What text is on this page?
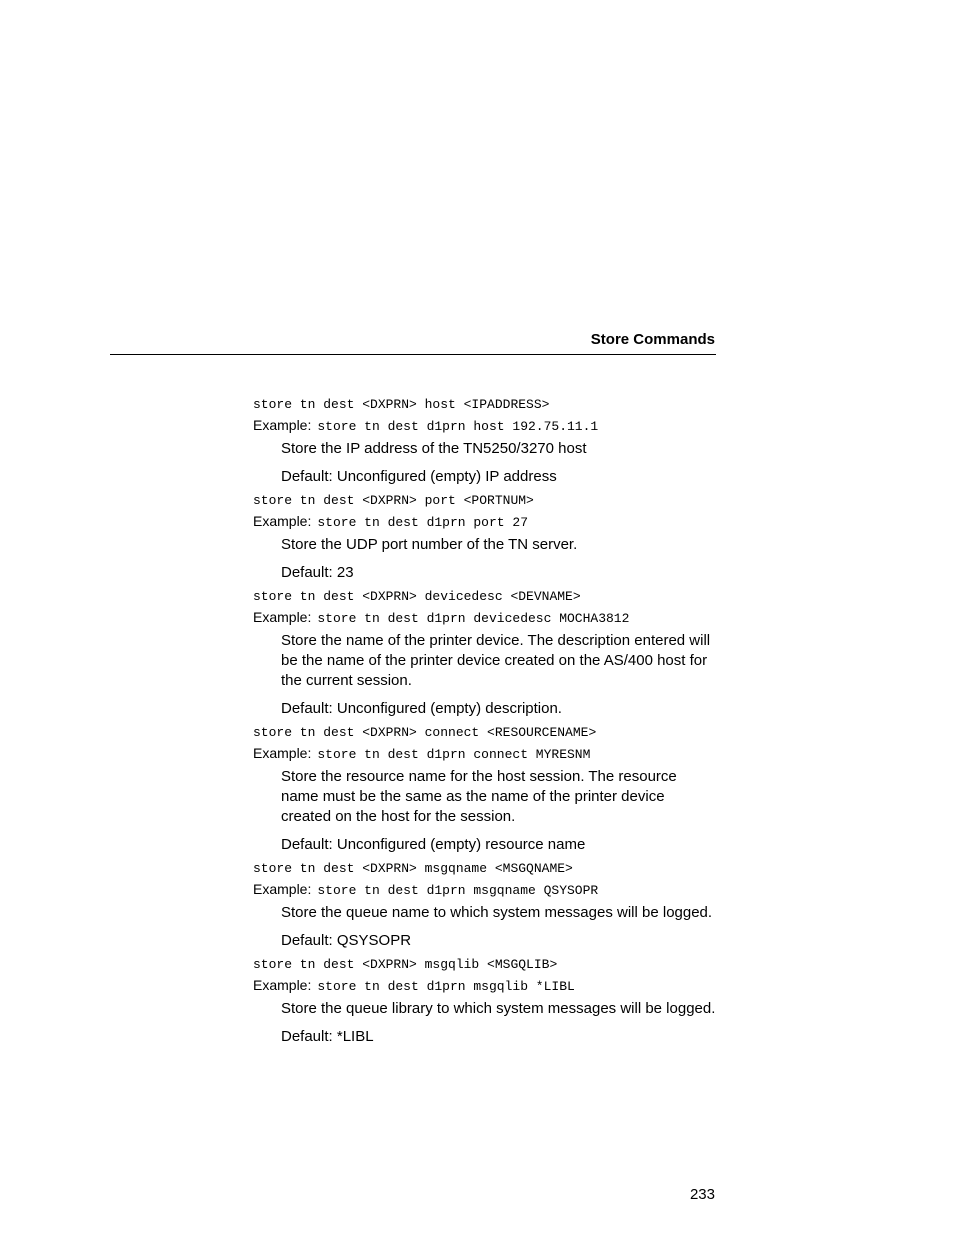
Store Commands
store tn dest <DXPRN> host <IPADDRESS>
Example: store tn dest d1prn host 192.75.11.1
Store the IP address of the TN5250/3270 host
Default: Unconfigured (empty) IP address
store tn dest <DXPRN> port <PORTNUM>
Example: store tn dest d1prn port 27
Store the UDP port number of the TN server.
Default: 23
store tn dest <DXPRN> devicedesc <DEVNAME>
Example: store tn dest d1prn devicedesc MOCHA3812
Store the name of the printer device. The description entered will be the name of the printer device created on the AS/400 host for the current session.
Default: Unconfigured (empty) description.
store tn dest <DXPRN> connect <RESOURCENAME>
Example: store tn dest d1prn connect MYRESNM
Store the resource name for the host session. The resource name must be the same as the name of the printer device created on the host for the session.
Default: Unconfigured (empty) resource name
store tn dest <DXPRN> msgqname <MSGQNAME>
Example: store tn dest d1prn msgqname QSYSOPR
Store the queue name to which system messages will be logged.
Default: QSYSOPR
store tn dest <DXPRN> msgqlib <MSGQLIB>
Example: store tn dest d1prn msgqlib *LIBL
Store the queue library to which system messages will be logged.
Default: *LIBL
233
